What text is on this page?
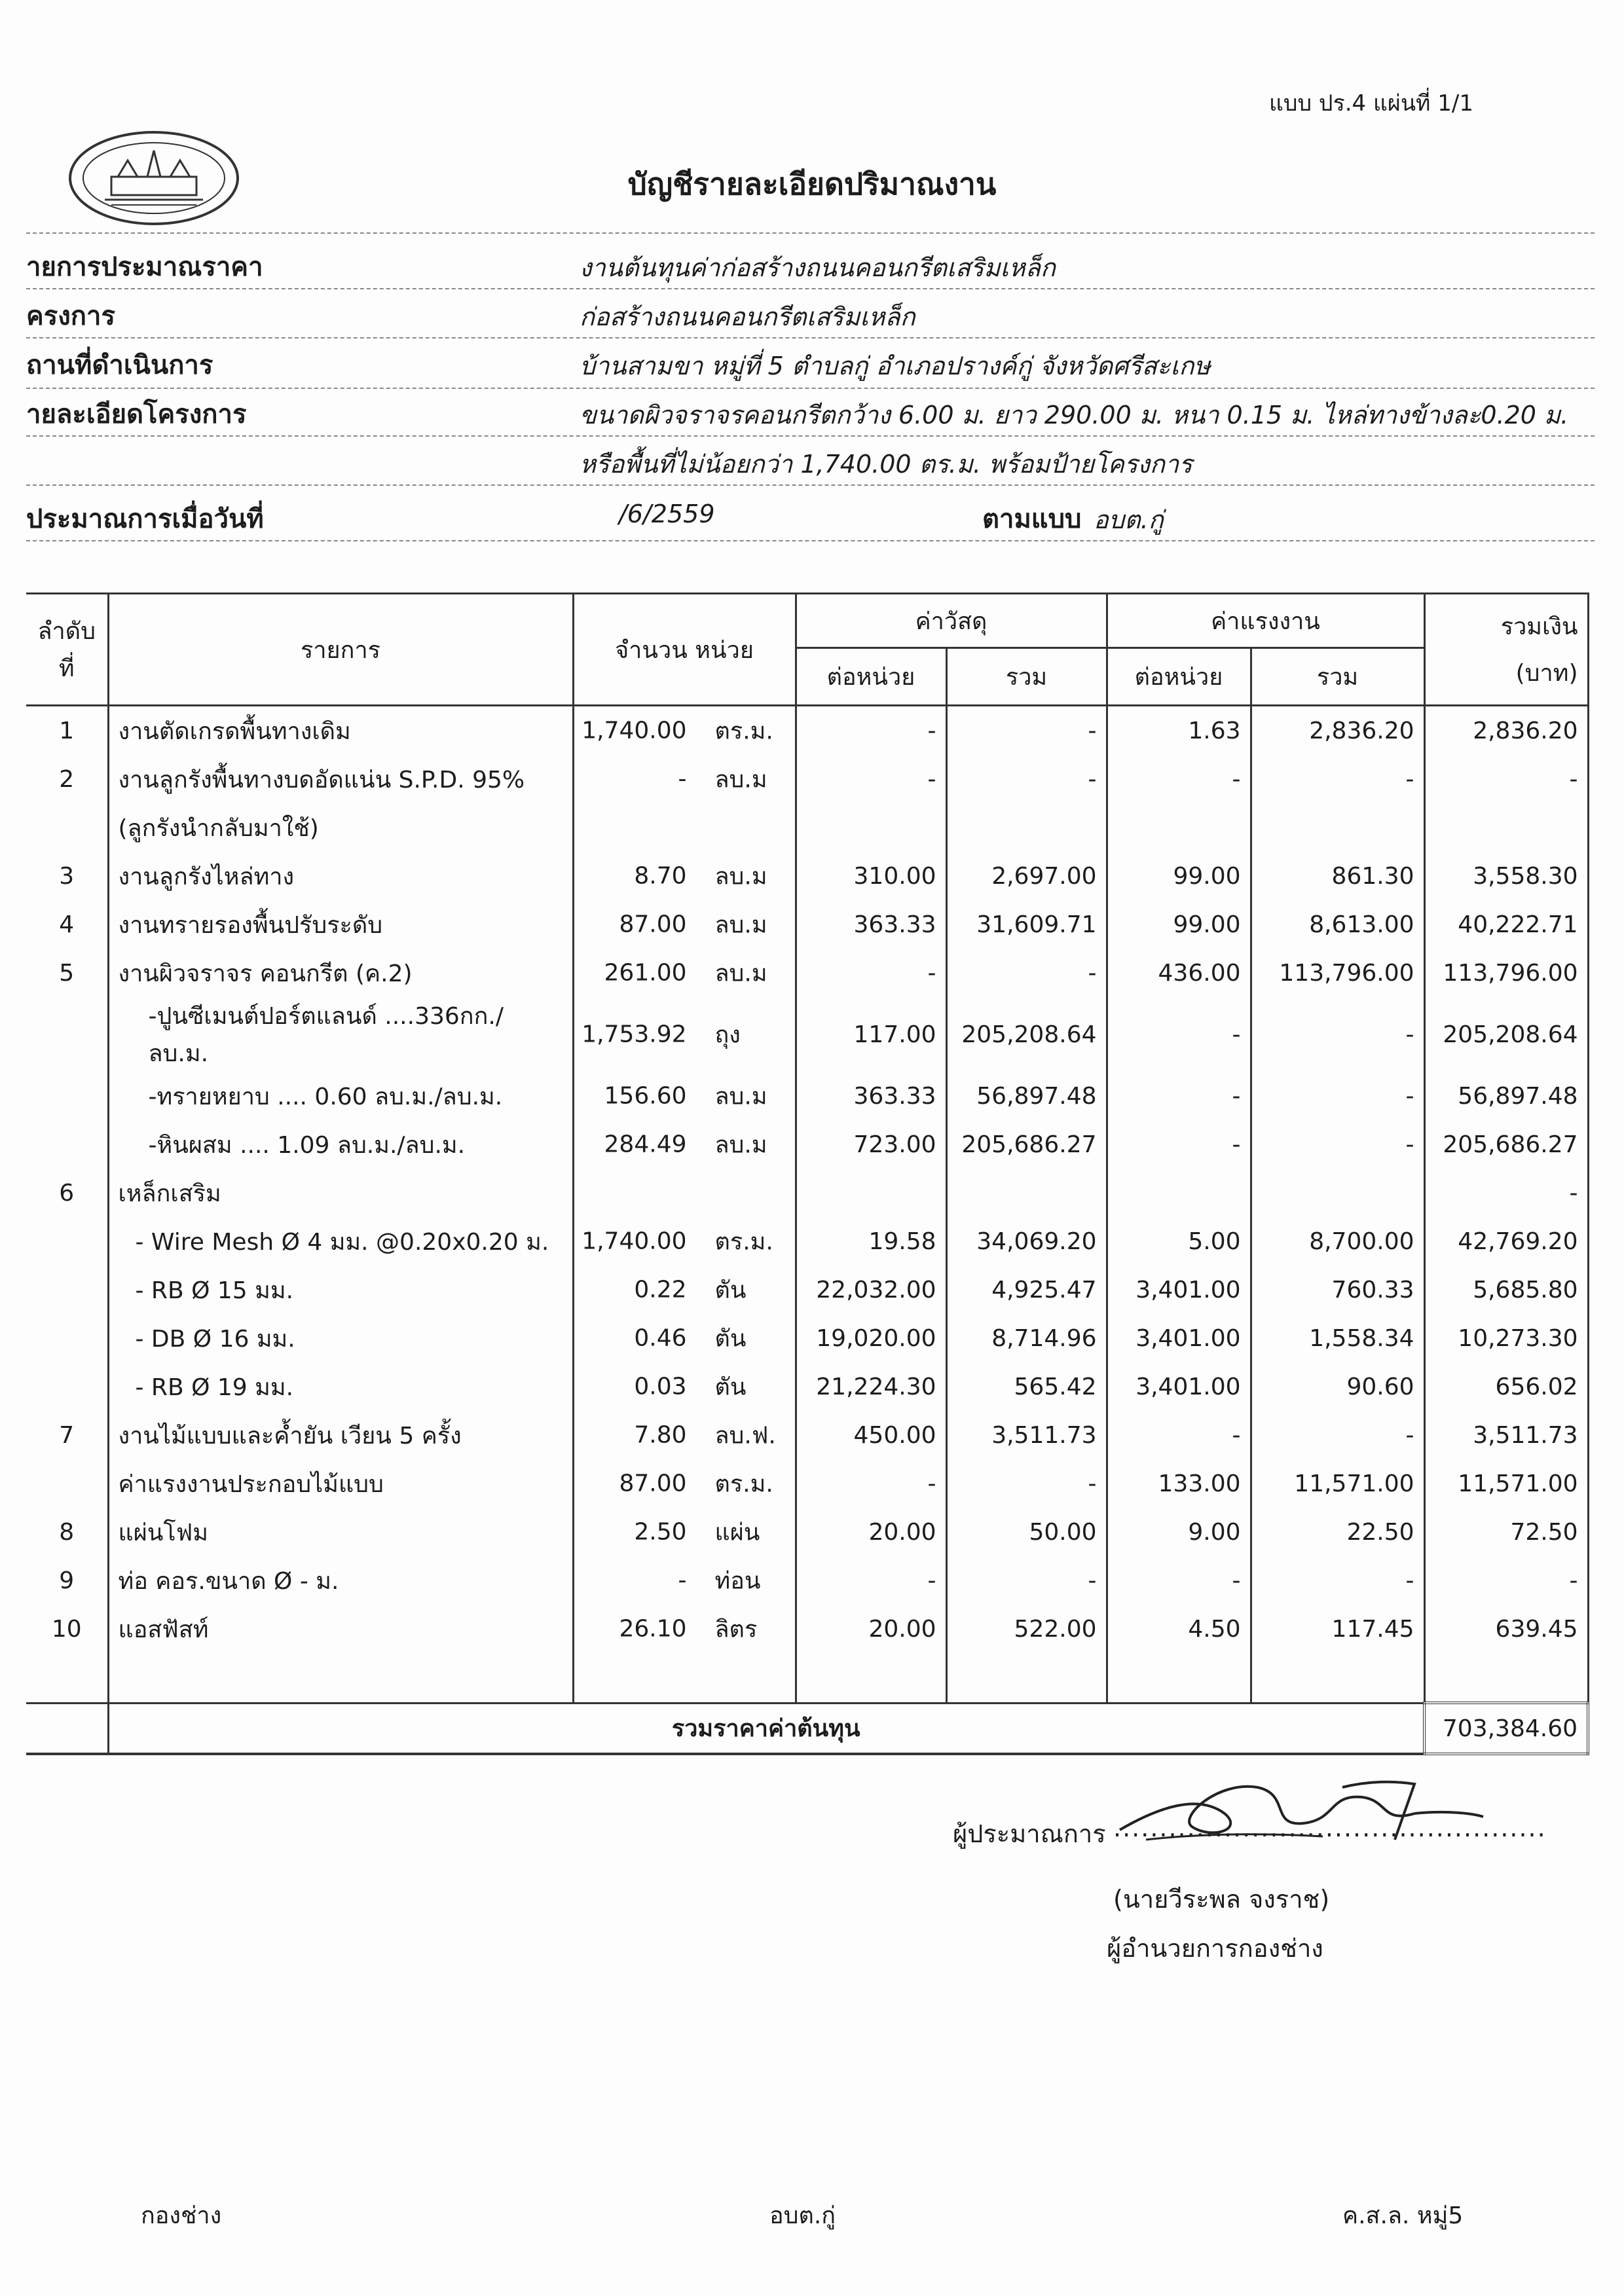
แบบ ปร.4 แผ่นที่ 1/1
บัญชีรายละเอียดปริมาณงาน
ายการประมาณราคา	งานต้นทุนค่าก่อสร้างถนนคอนกรีตเสริมเหล็ก
ครงการ	ก่อสร้างถนนคอนกรีตเสริมเหล็ก
ถานที่ดำเนินการ	บ้านสามขา หมู่ที่ 5 ตำบลกู่ อำเภอปรางค์กู่ จังหวัดศรีสะเกษ
ายละเอียดโครงการ	ขนาดผิวจราจรคอนกรีตกว้าง 6.00 ม. ยาว 290.00 ม. หนา 0.15 ม. ไหล่ทางข้างละ0.20 ม.
หรือพื้นที่ไม่น้อยกว่า 1,740.00 ตร.ม. พร้อมป้ายโครงการ
ประมาณการเมื่อวันที่	/6/2559	ตามแบบ อบต.กู่
ลำดับที่	รายการ	จำนวน หน่วย	ค่าวัสดุ		ค่าแรงงาน		รวมเงิน
(บาท)

			ต่อหน่วย	รวม	ต่อหน่วย	รวม	
1	งานตัดเกรดพื้นทางเดิม	1,740.00 ตร.ม.	-	-	1.63	2,836.20	2,836.20
2	งานลูกรังพื้นทางบดอัดแน่น S.P.D. 95%	- ลบ.ม	-	-	-	-	-
	(ลูกรังนำกลับมาใช้)	

3	งานลูกรังไหล่ทาง	8.70 ลบ.ม	310.00	2,697.00	99.00	861.30	3,558.30
4	งานทรายรองพื้นปรับระดับ	87.00 ลบ.ม	363.33	31,609.71	99.00	8,613.00	40,222.71
5	งานผิวจราจร คอนกรีต (ค.2)	261.00 ลบ.ม	-	-	436.00	113,796.00	113,796.00
	-ปูนซีเมนต์ปอร์ตแลนด์ ....336กก./ลบ.ม.	1,753.92 ถุง	117.00	205,208.64	-	-	205,208.64
	-ทรายหยาบ .... 0.60 ลบ.ม./ลบ.ม.	156.60 ลบ.ม	363.33	56,897.48	-	-	56,897.48
	-หินผสม .... 1.09 ลบ.ม./ลบ.ม.	284.49 ลบ.ม	723.00	205,686.27	-	-	205,686.27
6	เหล็กเสริม						-
	- Wire Mesh Ø 4 มม. @0.20x0.20 ม.	1,740.00 ตร.ม.	19.58	34,069.20	5.00	8,700.00	42,769.20
	- RB Ø 15 มม.	0.22 ตัน	22,032.00	4,925.47	3,401.00	760.33	5,685.80
	- DB Ø 16 มม.	0.46 ตัน	19,020.00	8,714.96	3,401.00	1,558.34	10,273.30
	- RB Ø 19 มม.	0.03 ตัน	21,224.30	565.42	3,401.00	90.60	656.02
7	งานไม้แบบและค้ำยัน เวียน 5 ครั้ง	7.80 ลบ.ฟ.	450.00	3,511.73	-	-	3,511.73
	ค่าแรงงานประกอบไม้แบบ	87.00 ตร.ม.	-	-	133.00	11,571.00	11,571.00
8	แผ่นโฟม	2.50 แผ่น	20.00	50.00	9.00	22.50	72.50
9	ท่อ คอร.ขนาด Ø - ม.	- ท่อน	-	-	-	-	-
10	แอสฟัสท์	26.10 ลิตร	20.00	522.00	4.50	117.45	639.45

	รวมราคาค่าต้นทุน						703,384.60
ผู้ประมาณการ ...............................................
(นายวีระพล จงราช)
ผู้อำนวยการกองช่าง
กองช่าง	อบต.กู่	ค.ส.ล. หมู่5
